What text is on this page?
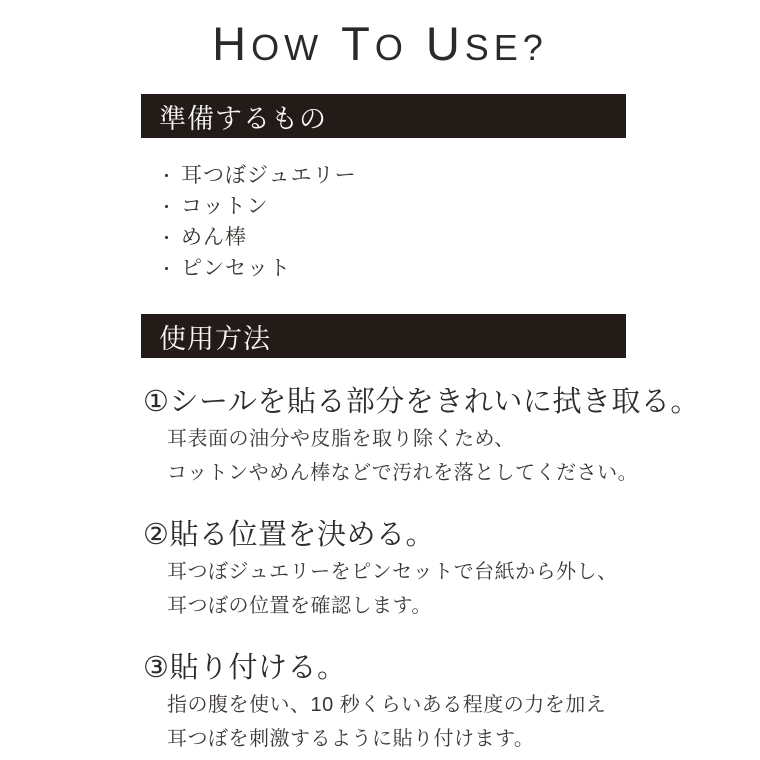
HOW TO USE?
準備するもの
・ 耳つぼジュエリー
・ コットン
・ めん棒
・ ピンセット
使用方法
①シールを貼る部分をきれいに拭き取る。

耳表面の油分や皮脂を取り除くため、

コットンやめん棒などで汚れを落としてください。

②貼る位置を決める。

耳つぼジュエリーをピンセットで台紙から外し、

耳つぼの位置を確認します。

③貼り付ける。

指の腹を使い、10 秒くらいある程度の力を加え

耳つぼを刺激するように貼り付けます。
